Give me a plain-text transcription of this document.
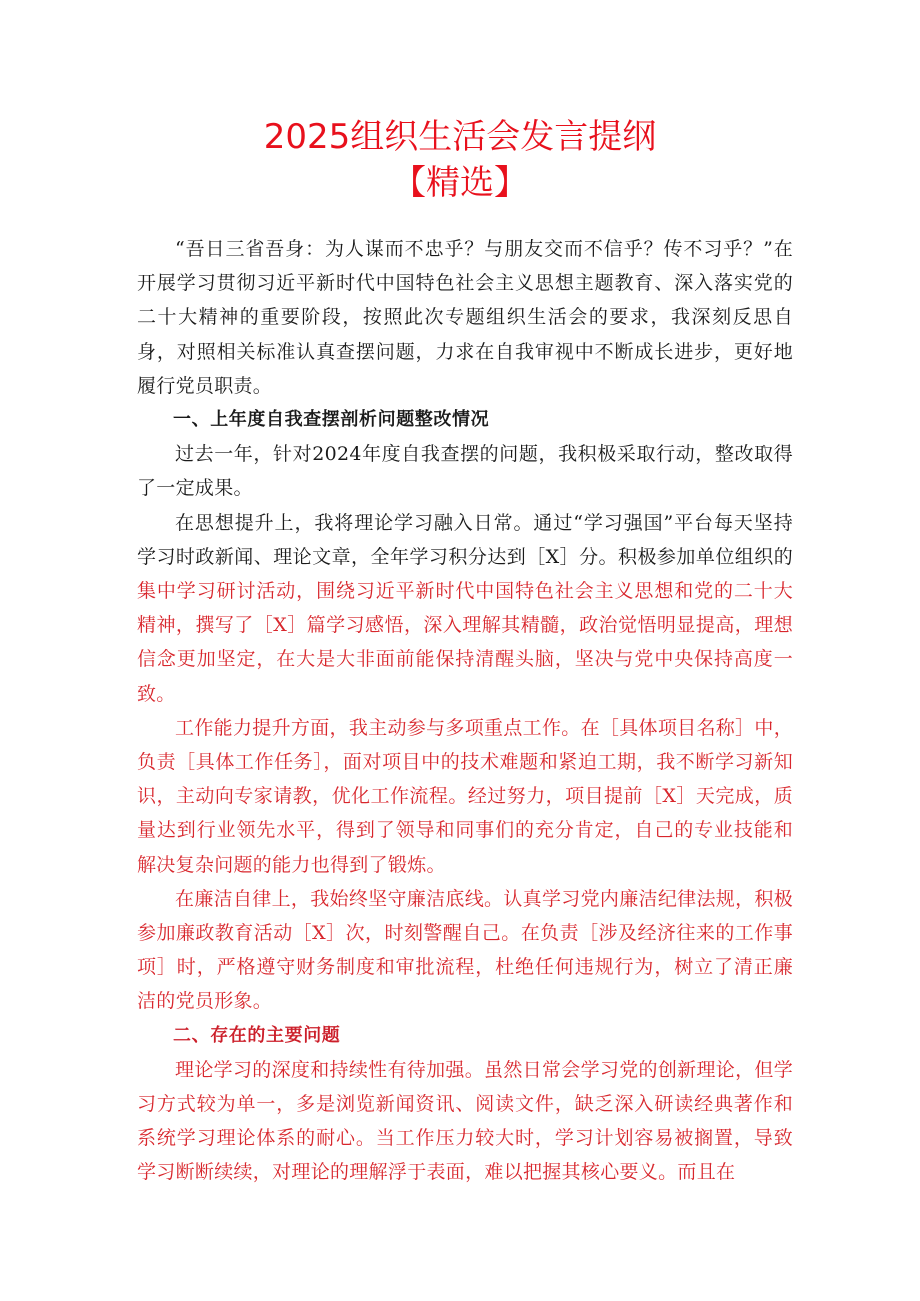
2025组织生活会发言提纲
【精选】

“吾日三省吾身：为人谋而不忠乎？与朋友交而不信乎？传不习乎？”在开展学习贯彻习近平新时代中国特色社会主义思想主题教育、深入落实党的二十大精神的重要阶段，按照此次专题组织生活会的要求，我深刻反思自身，对照相关标准认真查摆问题，力求在自我审视中不断成长进步，更好地履行党员职责。

一、上年度自我查摆剖析问题整改情况

过去一年，针对2024年度自我查摆的问题，我积极采取行动，整改取得了一定成果。

在思想提升上，我将理论学习融入日常。通过“学习强国”平台每天坚持学习时政新闻、理论文章，全年学习积分达到［X］分。积极参加单位组织的集中学习研讨活动，围绕习近平新时代中国特色社会主义思想和党的二十大精神，撰写了［X］篇学习感悟，深入理解其精髓，政治觉悟明显提高，理想信念更加坚定，在大是大非面前能保持清醒头脑，坚决与党中央保持高度一致。

工作能力提升方面，我主动参与多项重点工作。在［具体项目名称］中，负责［具体工作任务］，面对项目中的技术难题和紧迫工期，我不断学习新知识，主动向专家请教，优化工作流程。经过努力，项目提前［X］天完成，质量达到行业领先水平，得到了领导和同事们的充分肯定，自己的专业技能和解决复杂问题的能力也得到了锻炼。

在廉洁自律上，我始终坚守廉洁底线。认真学习党内廉洁纪律法规，积极参加廉政教育活动［X］次，时刻警醒自己。在负责［涉及经济往来的工作事项］时，严格遵守财务制度和审批流程，杜绝任何违规行为，树立了清正廉洁的党员形象。

二、存在的主要问题

理论学习的深度和持续性有待加强。虽然日常会学习党的创新理论，但学习方式较为单一，多是浏览新闻资讯、阅读文件，缺乏深入研读经典著作和系统学习理论体系的耐心。当工作压力较大时，学习计划容易被搁置，导致学习断断续续，对理论的理解浮于表面，难以把握其核心要义。而且在
